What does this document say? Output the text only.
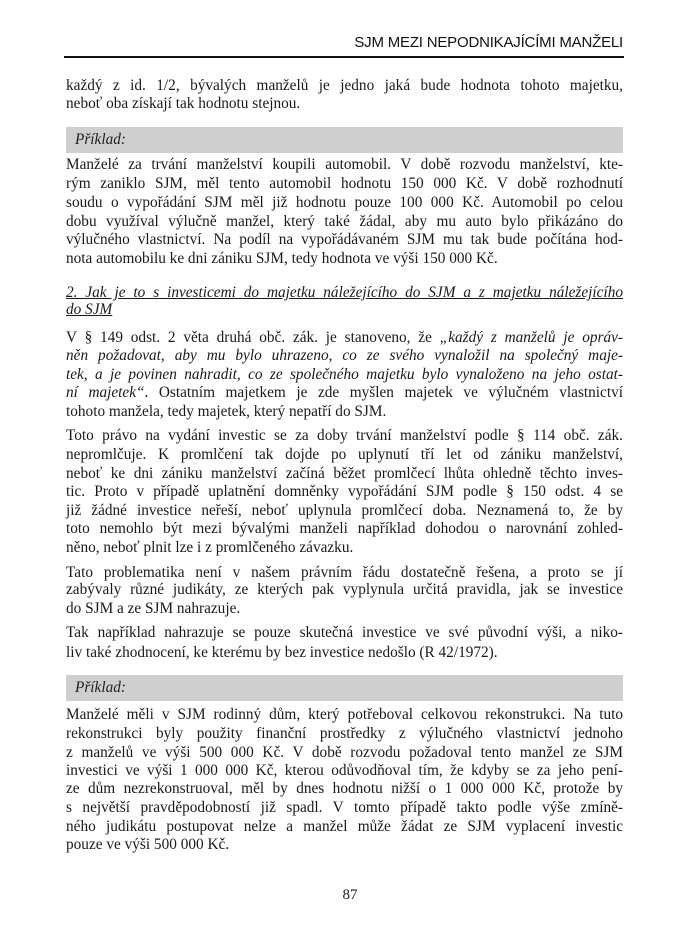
SJM MEZI NEPODNIKAJÍCÍMI MANŽELI
každý z id. 1/2, bývalých manželů je jedno jaká bude hodnota tohoto majetku,
neboť oba získají tak hodnotu stejnou.
Příklad:
Manželé za trvání manželství koupili automobil. V době rozvodu manželství, kte-
rým zaniklo SJM, měl tento automobil hodnotu 150 000 Kč. V době rozhodnutí
soudu o vypořádání SJM měl již hodnotu pouze 100 000 Kč. Automobil po celou
dobu využíval výlučně manžel, který také žádal, aby mu auto bylo přikázáno do
výlučného vlastnictví. Na podíl na vypořádávaném SJM mu tak bude počítána hod-
nota automobilu ke dni zániku SJM, tedy hodnota ve výši 150 000 Kč.
2. Jak je to s investicemi do majetku náležejícího do SJM a z majetku náležejícího
do SJM
V § 149 odst. 2 věta druhá obč. zák. je stanoveno, že „každý z manželů je opráv-
něn požadovat, aby mu bylo uhrazeno, co ze svého vynaložil na společný maje-
tek, a je povinen nahradit, co ze společného majetku bylo vynaloženo na jeho ostat-
ní majetek“. Ostatním majetkem je zde myšlen majetek ve výlučném vlastnictví
tohoto manžela, tedy majetek, který nepatří do SJM.
Toto právo na vydání investic se za doby trvání manželství podle § 114 obč. zák.
nepromlčuje. K promlčení tak dojde po uplynutí tří let od zániku manželství,
neboť ke dni zániku manželství začíná běžet promlčecí lhůta ohledně těchto inves-
tic. Proto v případě uplatnění domněnky vypořádání SJM podle § 150 odst. 4 se
již žádné investice neřeší, neboť uplynula promlčecí doba. Neznamená to, že by
toto nemohlo být mezi bývalými manželi například dohodou o narovnání zohled-
něno, neboť plnit lze i z promlčeného závazku.
Tato problematika není v našem právním řádu dostatečně řešena, a proto se jí
zabývaly různé judikáty, ze kterých pak vyplynula určitá pravidla, jak se investice
do SJM a ze SJM nahrazuje.
Tak například nahrazuje se pouze skutečná investice ve své původní výši, a niko-
liv také zhodnocení, ke kterému by bez investice nedošlo (R 42/1972).
Příklad:
Manželé měli v SJM rodinný dům, který potřeboval celkovou rekonstrukci. Na tuto
rekonstrukci byly použity finanční prostředky z výlučného vlastnictví jednoho
z manželů ve výši 500 000 Kč. V době rozvodu požadoval tento manžel ze SJM
investici ve výši 1 000 000 Kč, kterou odůvodňoval tím, že kdyby se za jeho pení-
ze dům nezrekonstruoval, měl by dnes hodnotu nižší o 1 000 000 Kč, protože by
s největší pravděpodobností již spadl. V tomto případě takto podle výše zmíně-
ného judikátu postupovat nelze a manžel může žádat ze SJM vyplacení investic
pouze ve výši 500 000 Kč.
87
